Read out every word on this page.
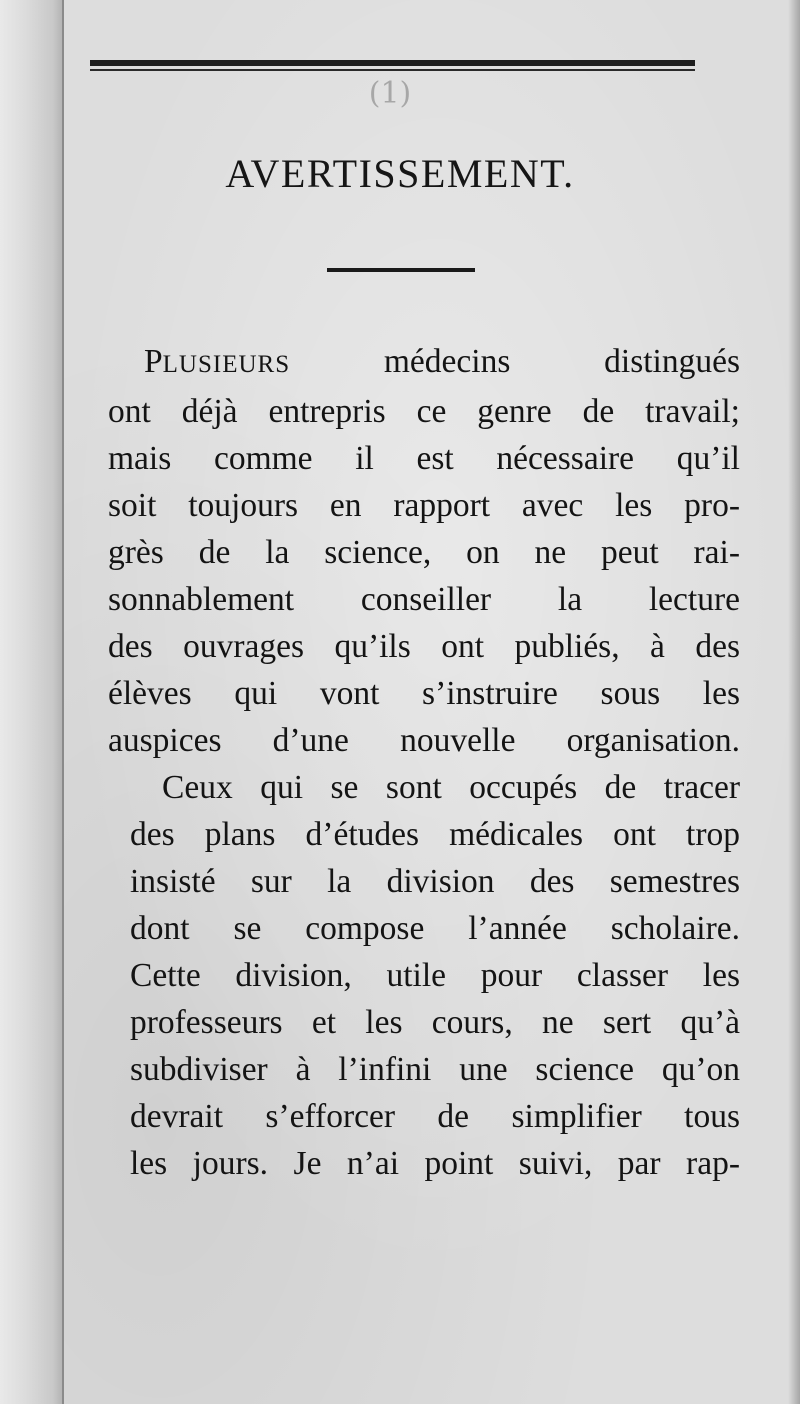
(1)
AVERTISSEMENT.
PLUSIEURS médecins distingués
ont déjà entrepris ce genre de travail;
mais comme il est nécessaire qu’il
soit toujours en rapport avec les pro-
grès de la science, on ne peut rai-
sonnablement conseiller la lecture
des ouvrages qu’ils ont publiés, à des
élèves qui vont s’instruire sous les
auspices d’une nouvelle organisation.
Ceux qui se sont occupés de tracer
des plans d’études médicales ont trop
insisté sur la division des semestres
dont se compose l’année scholaire.
Cette division, utile pour classer les
professeurs et les cours, ne sert qu’à
subdiviser à l’infini une science qu’on
devrait s’efforcer de simplifier tous
les jours. Je n’ai point suivi, par rap-
